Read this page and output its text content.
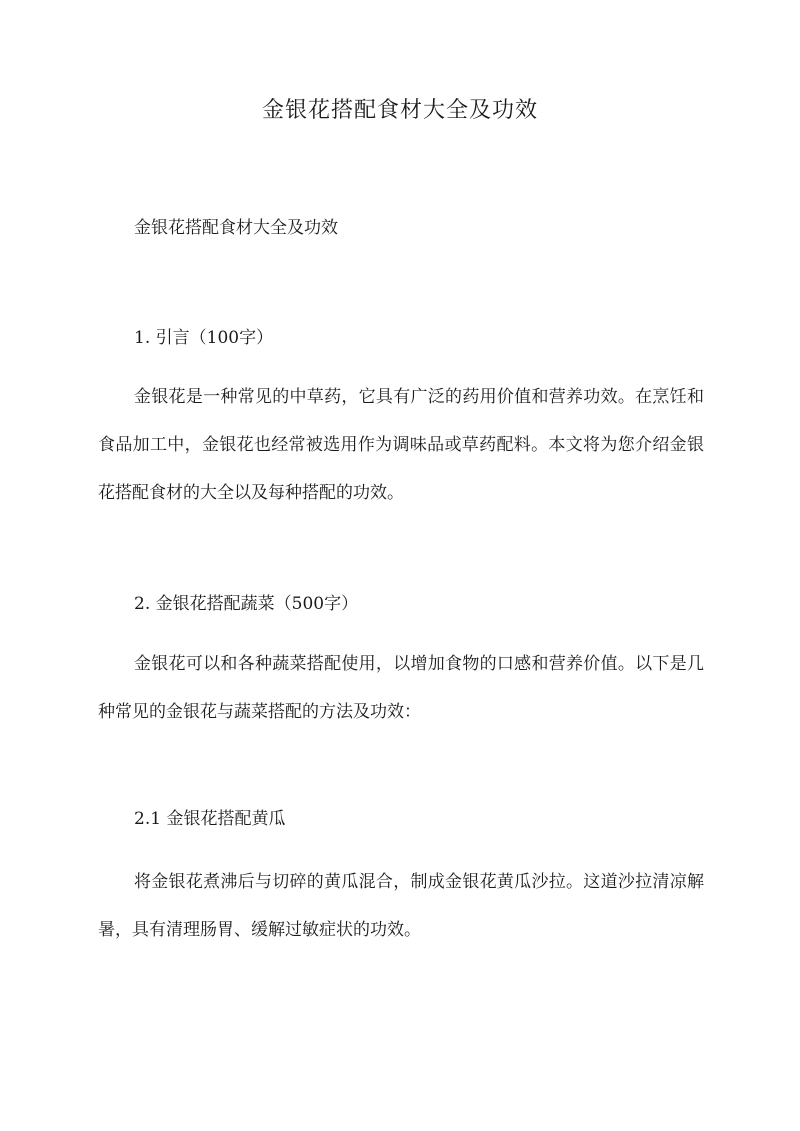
金银花搭配食材大全及功效
金银花搭配食材大全及功效
1. 引言（100字）

金银花是一种常见的中草药，它具有广泛的药用价值和营养功效。在烹饪和食品加工中，金银花也经常被选用作为调味品或草药配料。本文将为您介绍金银花搭配食材的大全以及每种搭配的功效。

2. 金银花搭配蔬菜（500字）

金银花可以和各种蔬菜搭配使用，以增加食物的口感和营养价值。以下是几种常见的金银花与蔬菜搭配的方法及功效：

2.1 金银花搭配黄瓜

将金银花煮沸后与切碎的黄瓜混合，制成金银花黄瓜沙拉。这道沙拉清凉解暑，具有清理肠胃、缓解过敏症状的功效。
